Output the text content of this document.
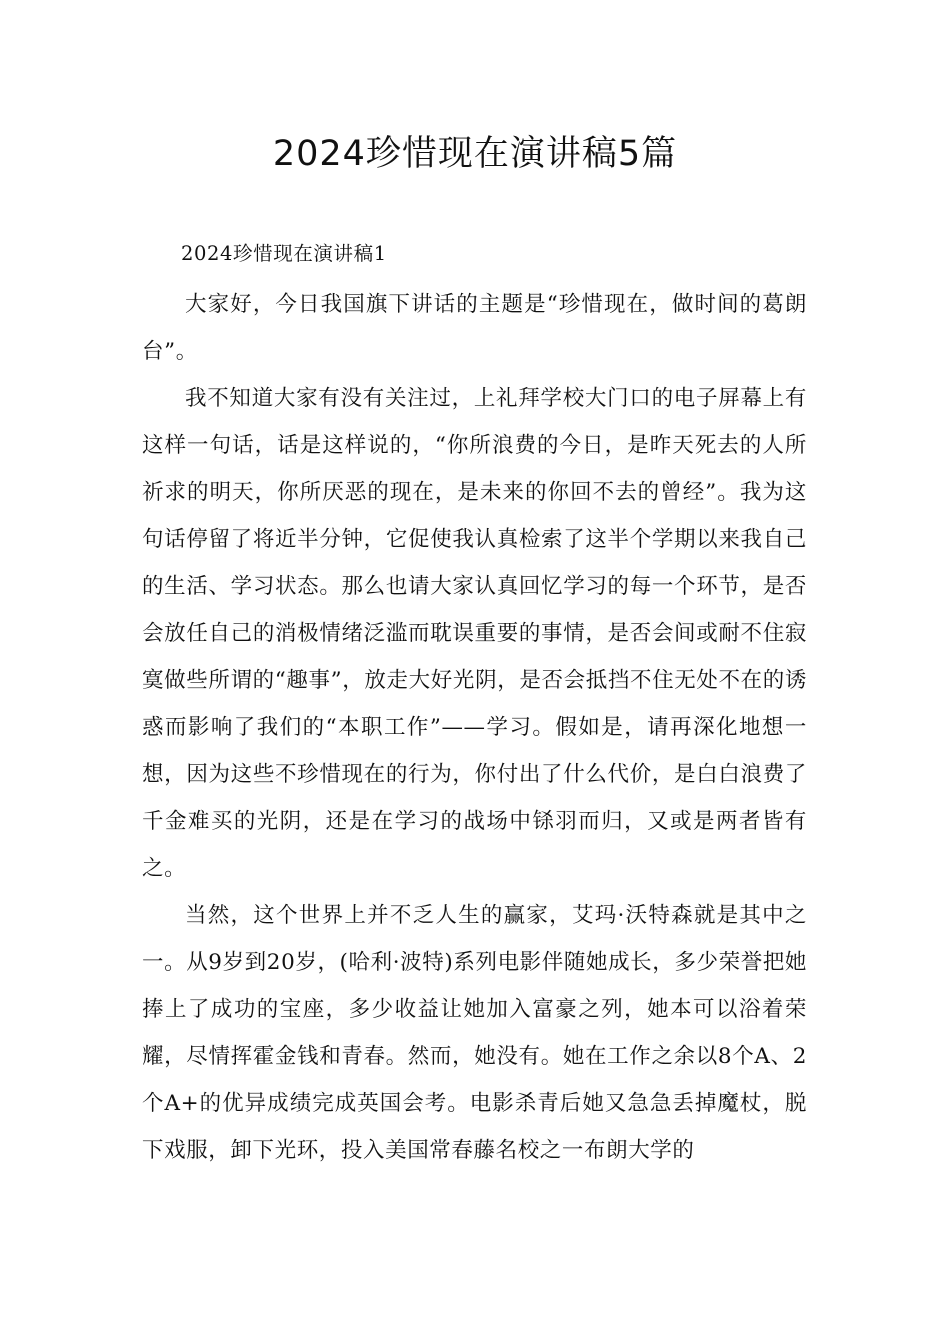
2024珍惜现在演讲稿5篇

2024珍惜现在演讲稿1

大家好，今日我国旗下讲话的主题是“珍惜现在，做时间的葛朗台”。

我不知道大家有没有关注过，上礼拜学校大门口的电子屏幕上有这样一句话，话是这样说的，“你所浪费的今日，是昨天死去的人所祈求的明天，你所厌恶的现在，是未来的你回不去的曾经”。我为这句话停留了将近半分钟，它促使我认真检索了这半个学期以来我自己的生活、学习状态。那么也请大家认真回忆学习的每一个环节，是否会放任自己的消极情绪泛滥而耽误重要的事情，是否会间或耐不住寂寞做些所谓的“趣事”，放走大好光阴，是否会抵挡不住无处不在的诱惑而影响了我们的“本职工作”——学习。假如是，请再深化地想一想，因为这些不珍惜现在的行为，你付出了什么代价，是白白浪费了千金难买的光阴，还是在学习的战场中铩羽而归，又或是两者皆有之。

当然，这个世界上并不乏人生的赢家，艾玛·沃特森就是其中之一。从9岁到20岁，(哈利·波特)系列电影伴随她成长，多少荣誉把她捧上了成功的宝座，多少收益让她加入富豪之列，她本可以浴着荣耀，尽情挥霍金钱和青春。然而，她没有。她在工作之余以8个A、2个A+的优异成绩完成英国会考。电影杀青后她又急急丢掉魔杖，脱下戏服，卸下光环，投入美国常春藤名校之一布朗大学的
